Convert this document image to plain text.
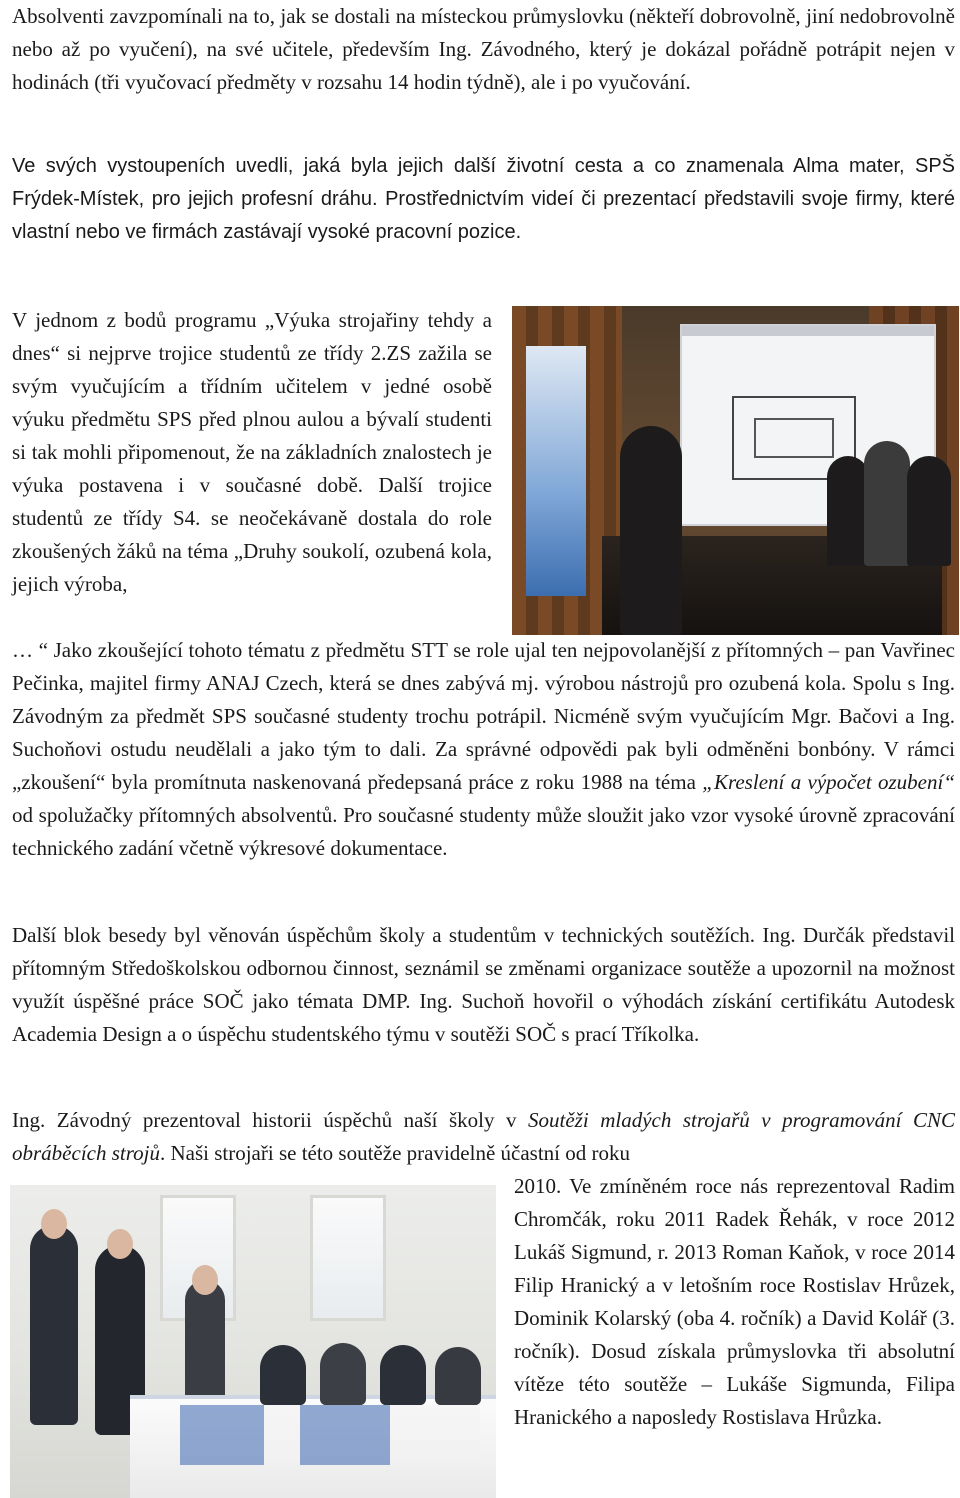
Absolventi zavzpomínali na to, jak se dostali na místeckou průmyslovku (někteří dobrovolně, jiní nedobrovolně nebo až po vyučení), na své učitele, především Ing. Závodného, který je dokázal pořádně potrápit nejen v hodinách (tři vyučovací předměty v rozsahu 14 hodin týdně), ale i po vyučování.

Ve svých vystoupeních uvedli, jaká byla jejich další životní cesta a co znamenala Alma mater, SPŠ Frýdek-Místek, pro jejich profesní dráhu. Prostřednictvím videí či prezentací představili svoje firmy, které vlastní nebo ve firmách zastávají vysoké pracovní pozice.

V jednom z bodů programu „Výuka strojařiny tehdy a dnes“ si nejprve trojice studentů ze třídy 2.ZS zažila se svým vyučujícím a třídním učitelem v jedné osobě výuku předmětu SPS před plnou aulou a bývalí studenti si tak mohli připomenout, že na základních znalostech je výuka postavena i v současné době. Další trojice studentů ze třídy S4. se neočekávaně dostala do role zkoušených žáků na téma „Druhy soukolí, ozubená kola, jejich výroba,

… “ Jako zkoušející tohoto tématu z předmětu STT se role ujal ten nejpovolanější z přítomných – pan Vavřinec Pečinka, majitel firmy ANAJ Czech, která se dnes zabývá mj. výrobou nástrojů pro ozubená kola. Spolu s Ing. Závodným za předmět SPS současné studenty trochu potrápil. Nicméně svým vyučujícím Mgr. Bačovi a Ing. Suchoňovi ostudu neudělali a jako tým to dali. Za správné odpovědi pak byli odměněni bonbóny. V rámci „zkoušení“ byla promítnuta naskenovaná předepsaná práce z roku 1988 na téma „Kreslení a výpočet ozubení“ od spolužačky přítomných absolventů. Pro současné studenty může sloužit jako vzor vysoké úrovně zpracování technického zadání včetně výkresové dokumentace.

Další blok besedy byl věnován úspěchům školy a studentům v technických soutěžích. Ing. Durčák představil přítomným Středoškolskou odbornou činnost, seznámil se změnami organizace soutěže a upozornil na možnost využít úspěšné práce SOČ jako témata DMP. Ing. Suchoň hovořil o výhodách získání certifikátu Autodesk Academia Design a o úspěchu studentského týmu v soutěži SOČ s prací Tříkolka.

Ing. Závodný prezentoval historii úspěchů naší školy v Soutěži mladých strojařů v programování CNC obráběcích strojů. Naši strojaři se této soutěže pravidelně účastní od roku

2010. Ve zmíněném roce nás reprezentoval Radim Chromčák, roku 2011 Radek Řehák, v roce 2012 Lukáš Sigmund, r. 2013 Roman Kaňok, v roce 2014 Filip Hranický a v letošním roce Rostislav Hrůzek, Dominik Kolarský (oba 4. ročník) a David Kolář (3. ročník). Dosud získala průmyslovka tři absolutní vítěze této soutěže – Lukáše Sigmunda, Filipa Hranického a naposledy Rostislava Hrůzka.
